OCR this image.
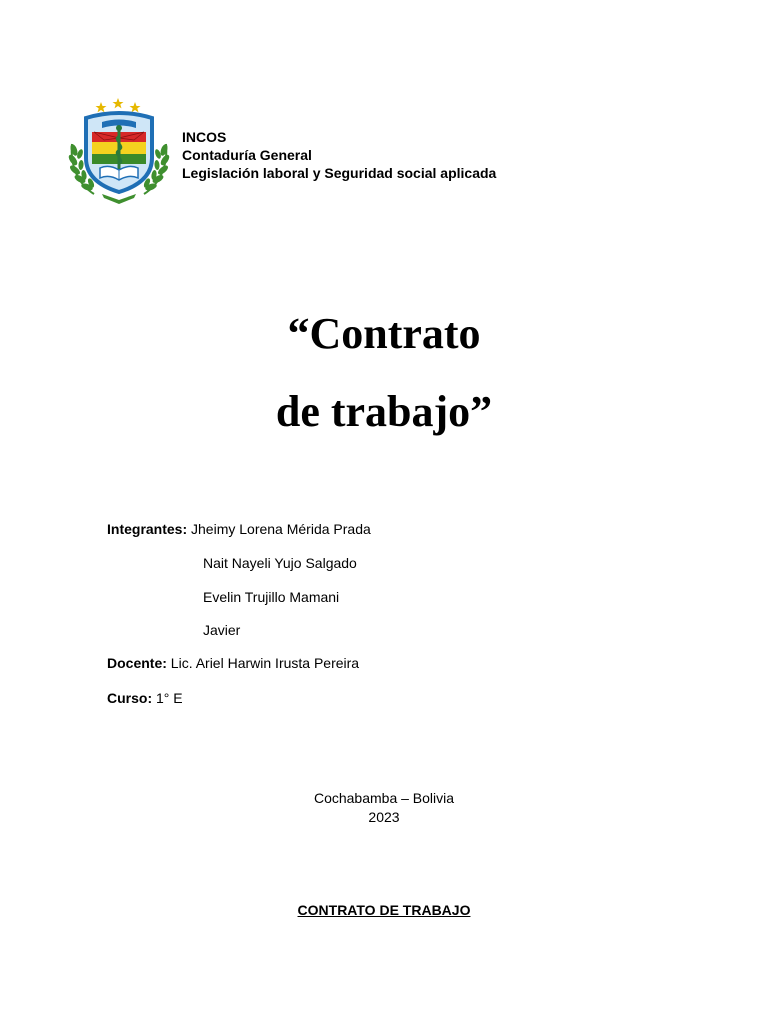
INCOS
Contaduría General
Legislación laboral y Seguridad social aplicada
“Contrato
de trabajo”
Integrantes: Jheimy Lorena Mérida Prada
Nait Nayeli Yujo Salgado
Evelin Trujillo Mamani
Javier
Docente: Lic. Ariel Harwin Irusta Pereira
Curso: 1° E
Cochabamba – Bolivia
2023
CONTRATO DE TRABAJO
